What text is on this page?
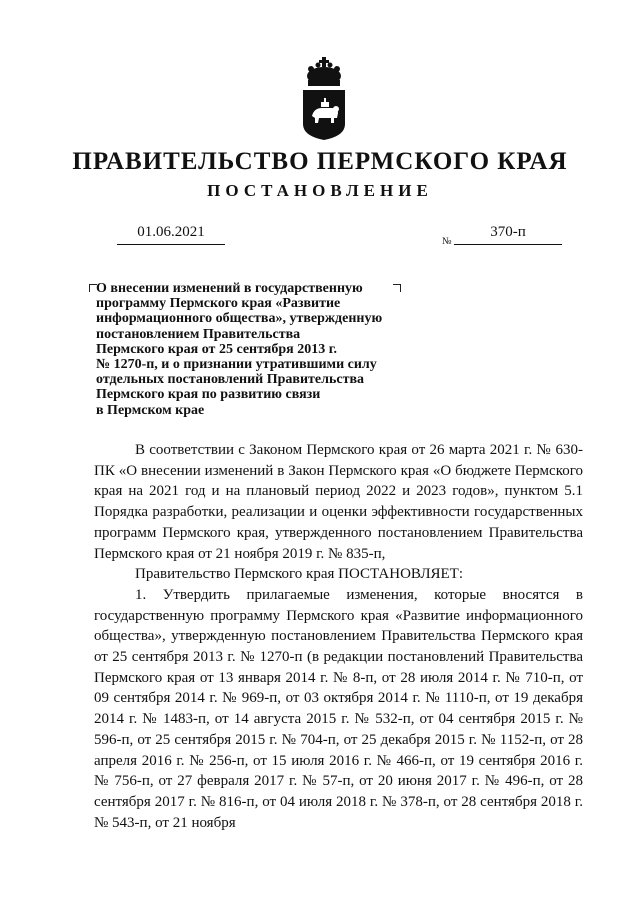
ПРАВИТЕЛЬСТВО ПЕРМСКОГО КРАЯ
ПОСТАНОВЛЕНИЕ
01.06.2021
№
370-п

О внесении изменений в государственную
программу Пермского края «Развитие
информационного общества», утвержденную
постановлением Правительства
Пермского края от 25 сентября 2013 г.
№ 1270-п, и о признании утратившими силу
отдельных постановлений Правительства
Пермского края по развитию связи
в Пермском крае

В соответствии с Законом Пермского края от 26 марта 2021 г. № 630-ПК «О внесении изменений в Закон Пермского края «О бюджете Пермского края на 2021 год и на плановый период 2022 и 2023 годов», пунктом 5.1 Порядка разработки, реализации и оценки эффективности государственных программ Пермского края, утвержденного постановлением Правительства Пермского края от 21 ноября 2019 г. № 835-п,

Правительство Пермского края ПОСТАНОВЛЯЕТ:

1. Утвердить прилагаемые изменения, которые вносятся в государственную программу Пермского края «Развитие информационного общества», утвержденную постановлением Правительства Пермского края от 25 сентября 2013 г. № 1270-п (в редакции постановлений Правительства Пермского края от 13 января 2014 г. № 8-п, от 28 июля 2014 г. № 710-п, от 09 сентября 2014 г. № 969-п, от 03 октября 2014 г. № 1110-п, от 19 декабря 2014 г. № 1483-п, от 14 августа 2015 г. № 532-п, от 04 сентября 2015 г. № 596-п, от 25 сентября 2015 г. № 704-п, от 25 декабря 2015 г. № 1152-п, от 28 апреля 2016 г. № 256-п, от 15 июля 2016 г. № 466-п, от 19 сентября 2016 г. № 756-п, от 27 февраля 2017 г. № 57-п, от 20 июня 2017 г. № 496-п, от 28 сентября 2017 г. № 816-п, от 04 июля 2018 г. № 378-п, от 28 сентября 2018 г. № 543-п, от 21 ноября
